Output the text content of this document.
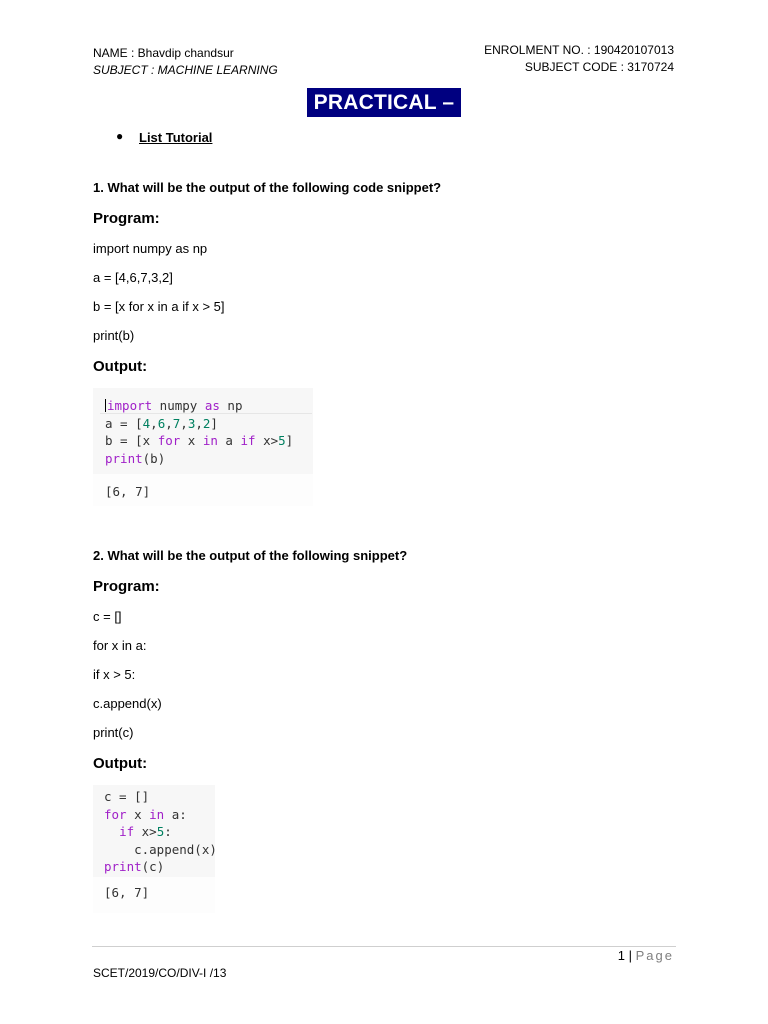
NAME : Bhavdip chandsur
SUBJECT : MACHINE LEARNING
ENROLMENT NO. : 190420107013
SUBJECT CODE : 3170724
PRACTICAL – 1
● List Tutorial
1. What will be the output of the following code snippet?
Program:
import numpy as np
a = [4,6,7,3,2]
b = [x for x in a if x > 5]
print(b)
Output:
import numpy as np
a = [4,6,7,3,2]
b = [x for x in a if x>5]
print(b)
[6, 7]
2. What will be the output of the following snippet?
Program:
c = []
for x in a:
if x > 5:
c.append(x)
print(c)
Output:
c = []
for x in a:
if x>5:
c.append(x)
print(c)
[6, 7]
1 | Page
SCET/2019/CO/DIV-I /13
